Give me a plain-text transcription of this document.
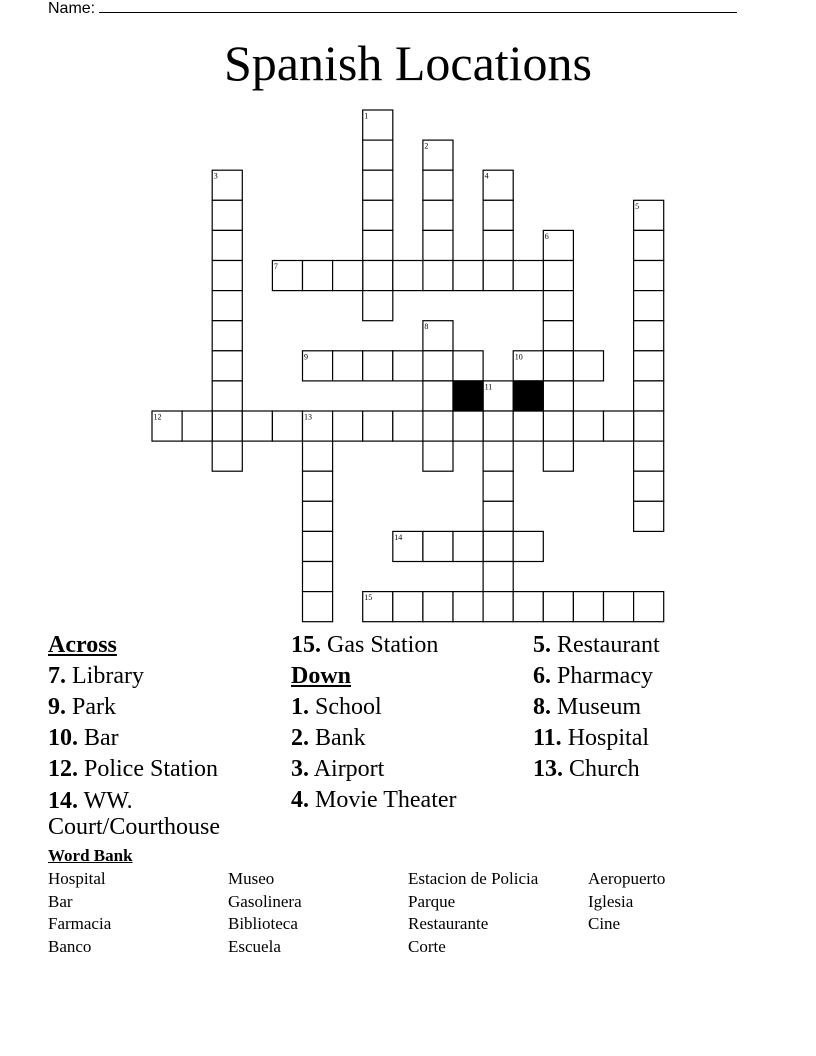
Name:
Spanish Locations
1
2
3	4
5
6
7
8
9	10
11
12	13
14
15
Across
7. Library
9. Park
10. Bar
12. Police Station
14. WW. Court/Courthouse
15. Gas Station
Down
1. School
2. Bank
3. Airport
4. Movie Theater
5. Restaurant
6. Pharmacy
8. Museum
11. Hospital
13. Church
Word Bank
Hospital	Museo	Estacion de Policia	Aeropuerto
Bar	Gasolinera	Parque	Iglesia
Farmacia	Biblioteca	Restaurante	Cine
Banco	Escuela	Corte
